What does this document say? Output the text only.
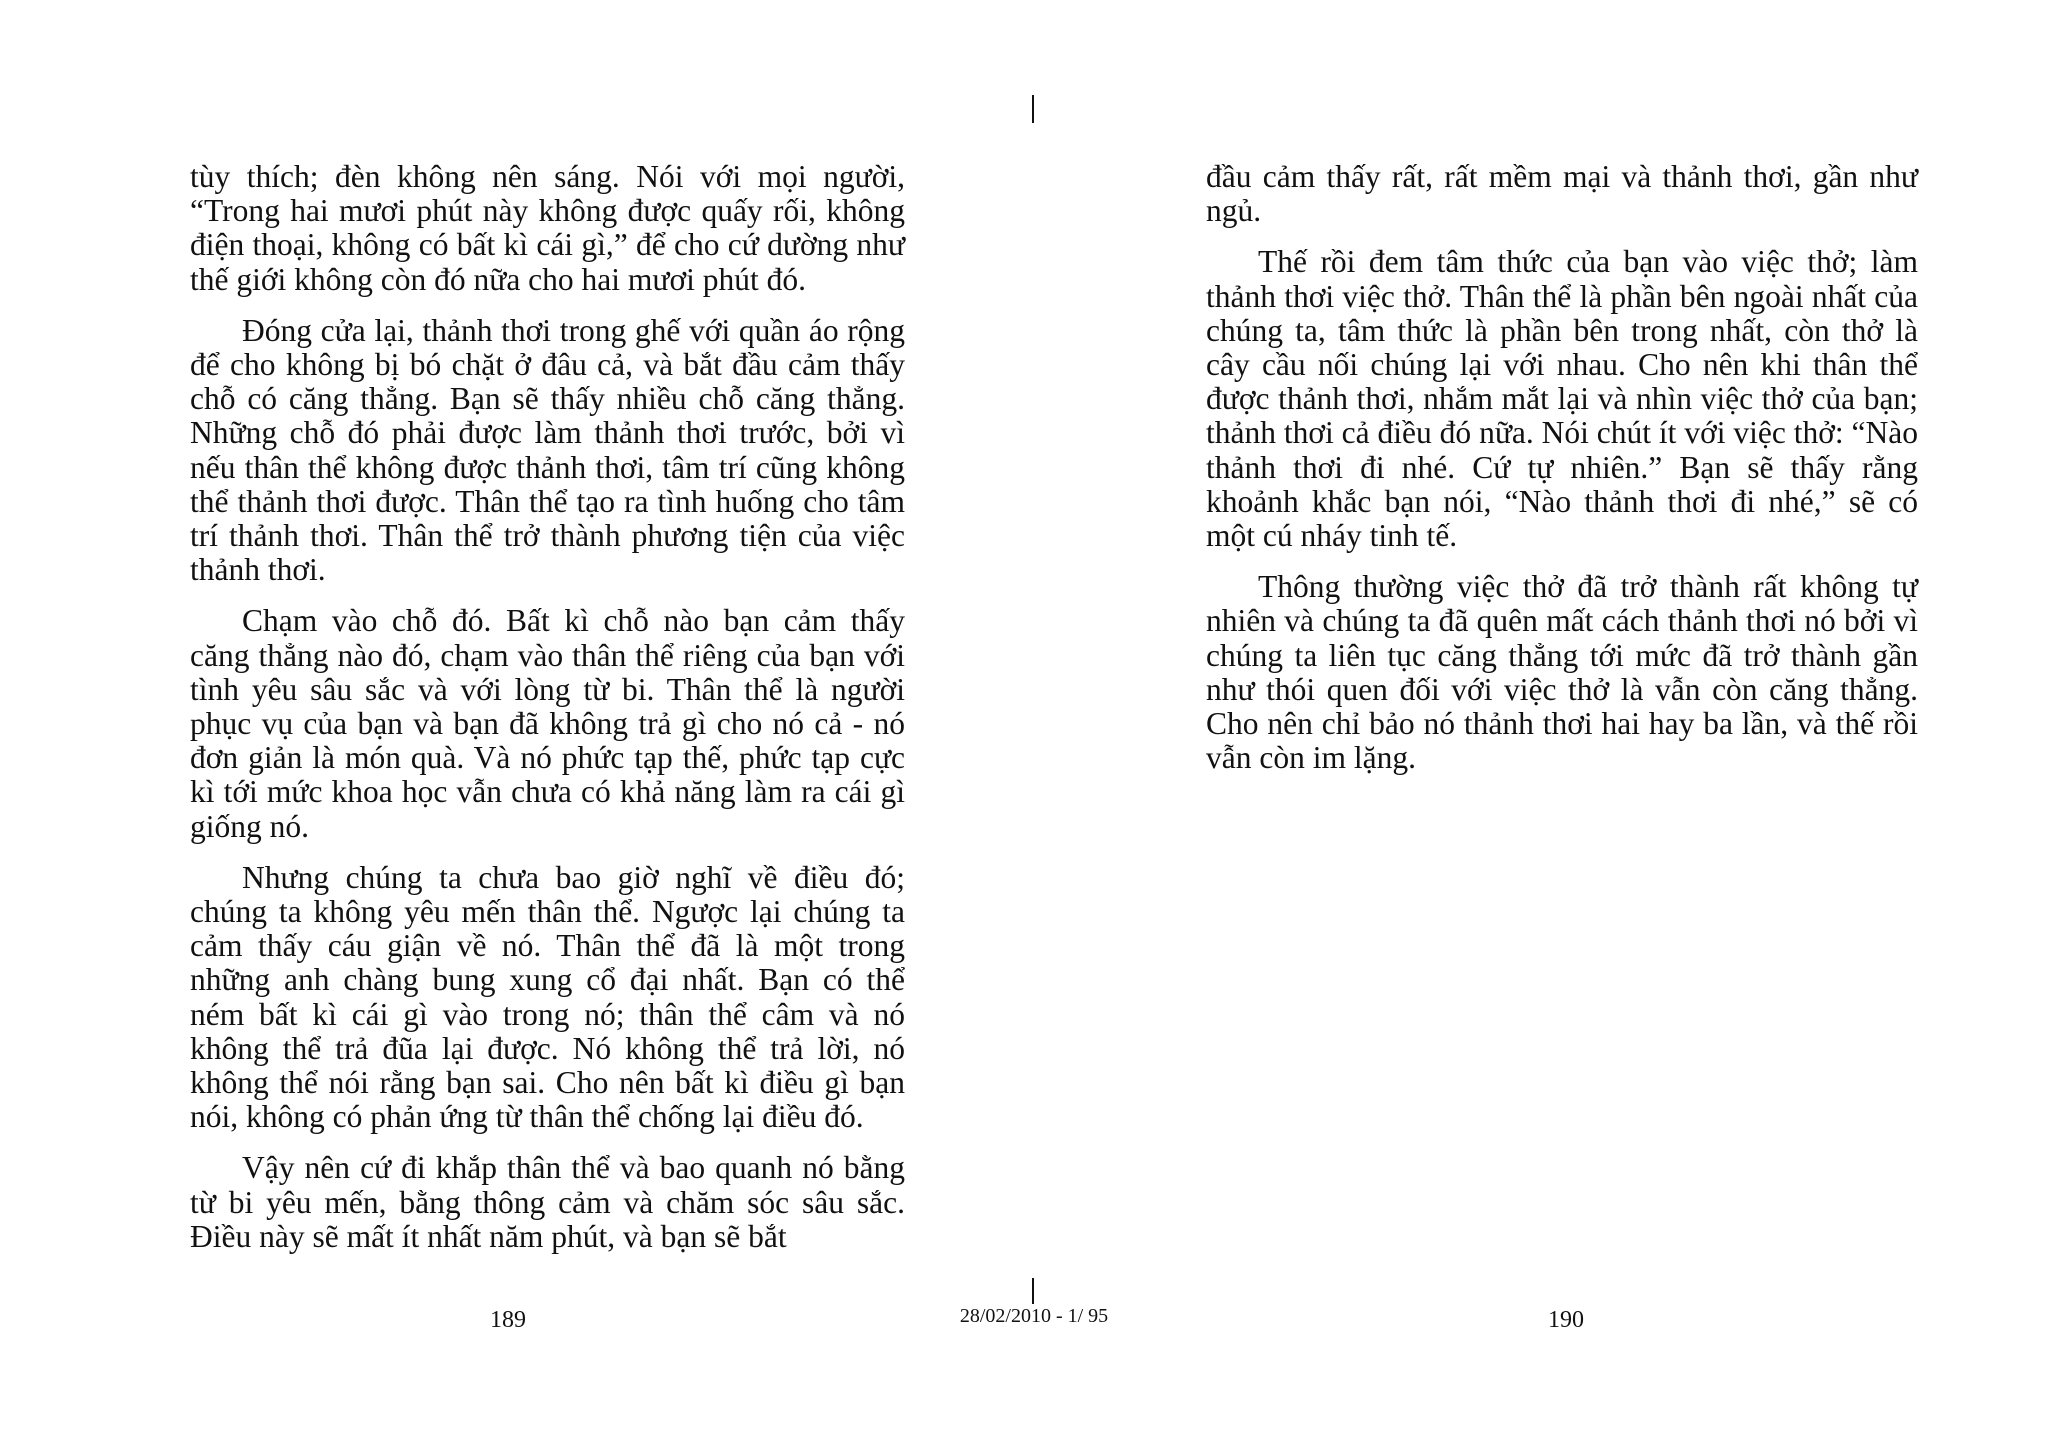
tùy thích; đèn không nên sáng. Nói với mọi người, “Trong hai mươi phút này không được quấy rối, không điện thoại, không có bất kì cái gì,” để cho cứ dường như thế giới không còn đó nữa cho hai mươi phút đó.

Đóng cửa lại, thảnh thơi trong ghế với quần áo rộng để cho không bị bó chặt ở đâu cả, và bắt đầu cảm thấy chỗ có căng thẳng. Bạn sẽ thấy nhiều chỗ căng thẳng. Những chỗ đó phải được làm thảnh thơi trước, bởi vì nếu thân thể không được thảnh thơi, tâm trí cũng không thể thảnh thơi được. Thân thể tạo ra tình huống cho tâm trí thảnh thơi. Thân thể trở thành phương tiện của việc thảnh thơi.

Chạm vào chỗ đó. Bất kì chỗ nào bạn cảm thấy căng thẳng nào đó, chạm vào thân thể riêng của bạn với tình yêu sâu sắc và với lòng từ bi. Thân thể là người phục vụ của bạn và bạn đã không trả gì cho nó cả - nó đơn giản là món quà. Và nó phức tạp thế, phức tạp cực kì tới mức khoa học vẫn chưa có khả năng làm ra cái gì giống nó.

Nhưng chúng ta chưa bao giờ nghĩ về điều đó; chúng ta không yêu mến thân thể. Ngược lại chúng ta cảm thấy cáu giận về nó. Thân thể đã là một trong những anh chàng bung xung cổ đại nhất. Bạn có thể ném bất kì cái gì vào trong nó; thân thể câm và nó không thể trả đũa lại được. Nó không thể trả lời, nó không thể nói rằng bạn sai. Cho nên bất kì điều gì bạn nói, không có phản ứng từ thân thể chống lại điều đó.

Vậy nên cứ đi khắp thân thể và bao quanh nó bằng từ bi yêu mến, bằng thông cảm và chăm sóc sâu sắc. Điều này sẽ mất ít nhất năm phút, và bạn sẽ bắt

đầu cảm thấy rất, rất mềm mại và thảnh thơi, gần như ngủ.

Thế rồi đem tâm thức của bạn vào việc thở; làm thảnh thơi việc thở. Thân thể là phần bên ngoài nhất của chúng ta, tâm thức là phần bên trong nhất, còn thở là cây cầu nối chúng lại với nhau. Cho nên khi thân thể được thảnh thơi, nhắm mắt lại và nhìn việc thở của bạn; thảnh thơi cả điều đó nữa. Nói chút ít với việc thở: “Nào thảnh thơi đi nhé. Cứ tự nhiên.” Bạn sẽ thấy rằng khoảnh khắc bạn nói, “Nào thảnh thơi đi nhé,” sẽ có một cú nháy tinh tế.

Thông thường việc thở đã trở thành rất không tự nhiên và chúng ta đã quên mất cách thảnh thơi nó bởi vì chúng ta liên tục căng thẳng tới mức đã trở thành gần như thói quen đối với việc thở là vẫn còn căng thẳng. Cho nên chỉ bảo nó thảnh thơi hai hay ba lần, và thế rồi vẫn còn im lặng.

189	28/02/2010 - 1/ 95	190
